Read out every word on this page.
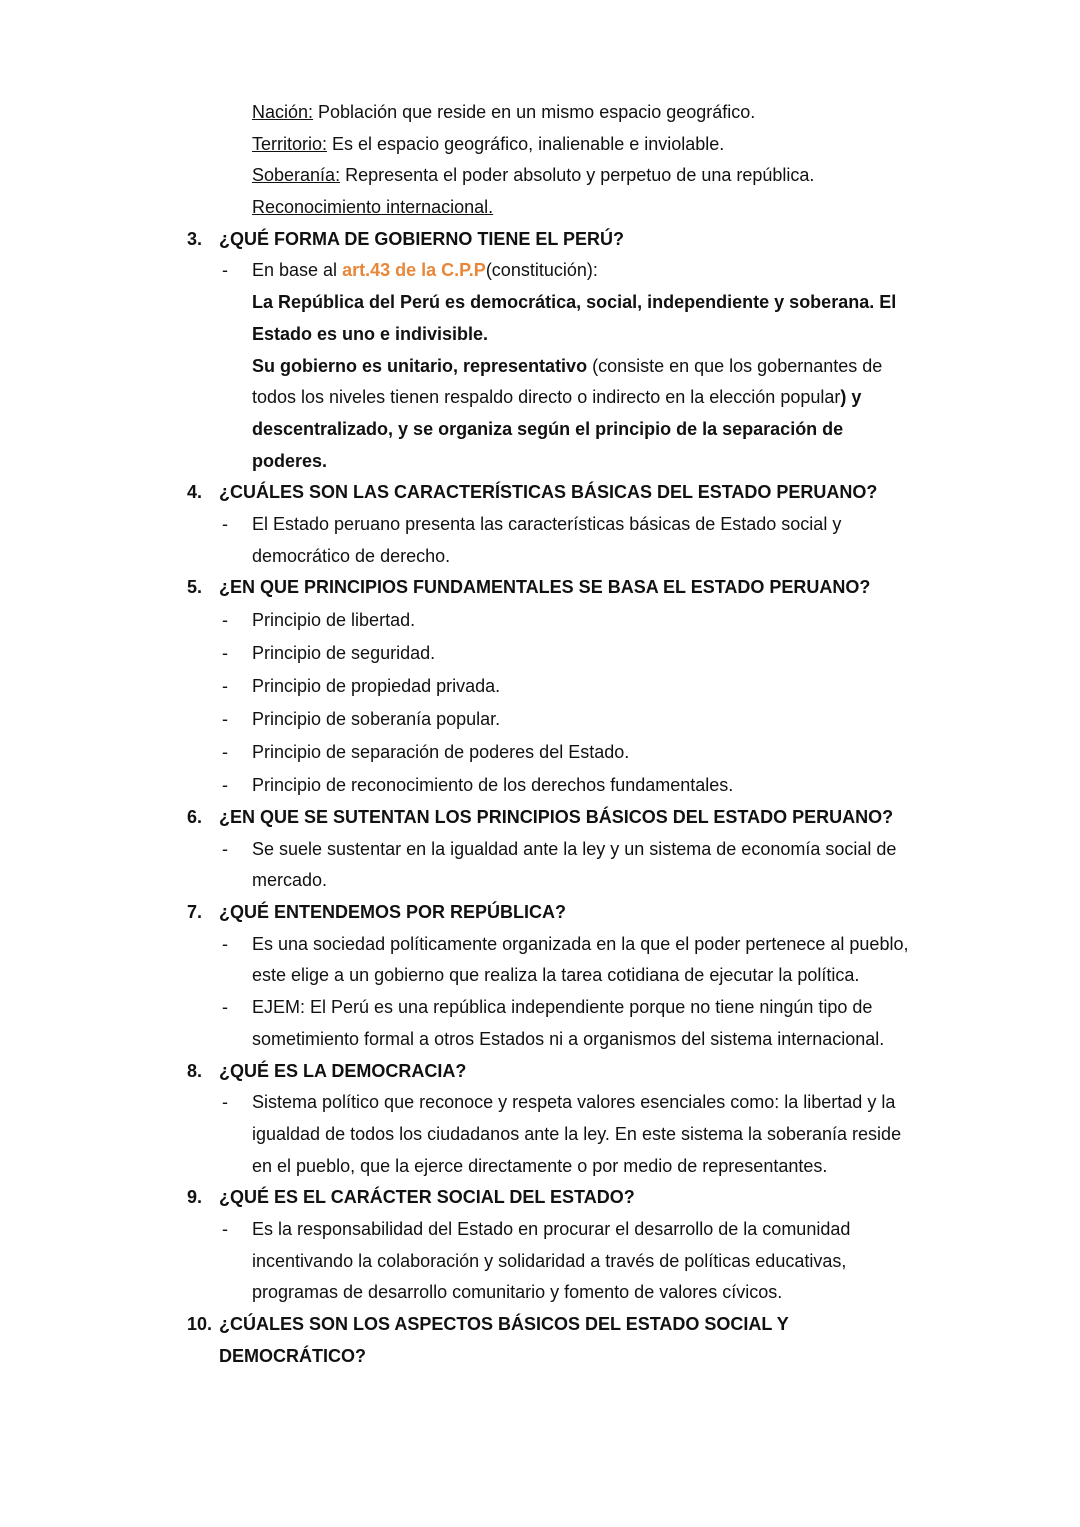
Nación: Población que reside en un mismo espacio geográfico.
Territorio: Es el espacio geográfico, inalienable e inviolable.
Soberanía: Representa el poder absoluto y perpetuo de una república.
Reconocimiento internacional.
3. ¿QUÉ FORMA DE GOBIERNO TIENE EL PERÚ?
- En base al art.43 de la C.P.P(constitución):
La República del Perú es democrática, social, independiente y soberana. El
Estado es uno e indivisible.
Su gobierno es unitario, representativo (consiste en que los gobernantes de
todos los niveles tienen respaldo directo o indirecto en la elección popular) y
descentralizado, y se organiza según el principio de la separación de
poderes.
4. ¿CUÁLES SON LAS CARACTERÍSTICAS BÁSICAS DEL ESTADO PERUANO?
- El Estado peruano presenta las características básicas de Estado social y
democrático de derecho.
5. ¿EN QUE PRINCIPIOS FUNDAMENTALES SE BASA EL ESTADO PERUANO?
- Principio de libertad.
- Principio de seguridad.
- Principio de propiedad privada.
- Principio de soberanía popular.
- Principio de separación de poderes del Estado.
- Principio de reconocimiento de los derechos fundamentales.
6. ¿EN QUE SE SUTENTAN LOS PRINCIPIOS BÁSICOS DEL ESTADO PERUANO?
- Se suele sustentar en la igualdad ante la ley y un sistema de economía social de
mercado.
7. ¿QUÉ ENTENDEMOS POR REPÚBLICA?
- Es una sociedad políticamente organizada en la que el poder pertenece al pueblo,
este elige a un gobierno que realiza la tarea cotidiana de ejecutar la política.
- EJEM: El Perú es una república independiente porque no tiene ningún tipo de
sometimiento formal a otros Estados ni a organismos del sistema internacional.
8. ¿QUÉ ES LA DEMOCRACIA?
- Sistema político que reconoce y respeta valores esenciales como: la libertad y la
igualdad de todos los ciudadanos ante la ley. En este sistema la soberanía reside
en el pueblo, que la ejerce directamente o por medio de representantes.
9. ¿QUÉ ES EL CARÁCTER SOCIAL DEL ESTADO?
- Es la responsabilidad del Estado en procurar el desarrollo de la comunidad
incentivando la colaboración y solidaridad a través de políticas educativas,
programas de desarrollo comunitario y fomento de valores cívicos.
10. ¿CÚALES SON LOS ASPECTOS BÁSICOS DEL ESTADO SOCIAL Y
DEMOCRÁTICO?
